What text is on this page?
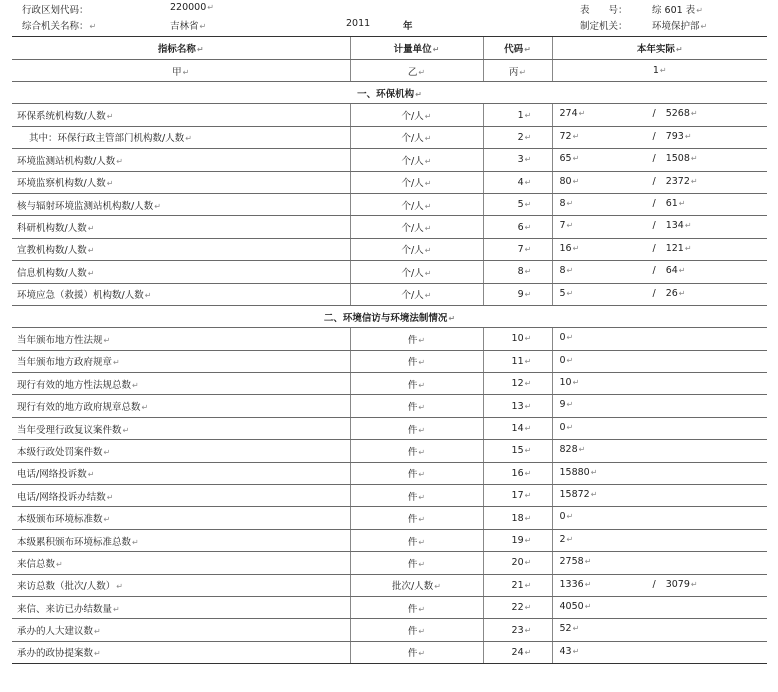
行政区划代码：	220000↵
综合机关名称：↵	吉林省↵	2011	年
表　　号：	综 601 表↵
制定机关：	环境保护部↵
指标名称↵	计量单位↵	代码↵	本年实际↵
甲↵	乙↵	丙↵	1↵
一、环保机构↵			
环保系统机构数/人数↵	个/人↵	1↵	274↵ / 5268↵

其中：环保行政主管部门机构数/人数↵	个/人↵	2↵	72↵ / 793↵

环境监测站机构数/人数↵	个/人↵	3↵	65↵ / 1508↵

环境监察机构数/人数↵	个/人↵	4↵	80↵ / 2372↵

核与辐射环境监测站机构数/人数↵	个/人↵	5↵	8↵ / 61↵

科研机构数/人数↵	个/人↵	6↵	7↵ / 134↵

宣教机构数/人数↵	个/人↵	7↵	16↵ / 121↵

信息机构数/人数↵	个/人↵	8↵	8↵ / 64↵

环境应急（救援）机构数/人数↵	个/人↵	9↵	5↵ / 26↵

二、环境信访与环境法制情况↵			
当年颁布地方性法规↵	件↵	10↵	0↵

当年颁布地方政府规章↵	件↵	11↵	0↵

现行有效的地方性法规总数↵	件↵	12↵	10↵

现行有效的地方政府规章总数↵	件↵	13↵	9↵

当年受理行政复议案件数↵	件↵	14↵	0↵

本级行政处罚案件数↵	件↵	15↵	828↵

电话/网络投诉数↵	件↵	16↵	15880↵

电话/网络投诉办结数↵	件↵	17↵	15872↵

本级颁布环境标准数↵	件↵	18↵	0↵

本级累积颁布环境标准总数↵	件↵	19↵	2↵

来信总数↵	件↵	20↵	2758↵

来访总数（批次/人数）↵	批次/人数↵	21↵	1336↵ / 3079↵

来信、来访已办结数量↵	件↵	22↵	4050↵

承办的人大建议数↵	件↵	23↵	52↵

承办的政协提案数↵	件↵	24↵	43↵
